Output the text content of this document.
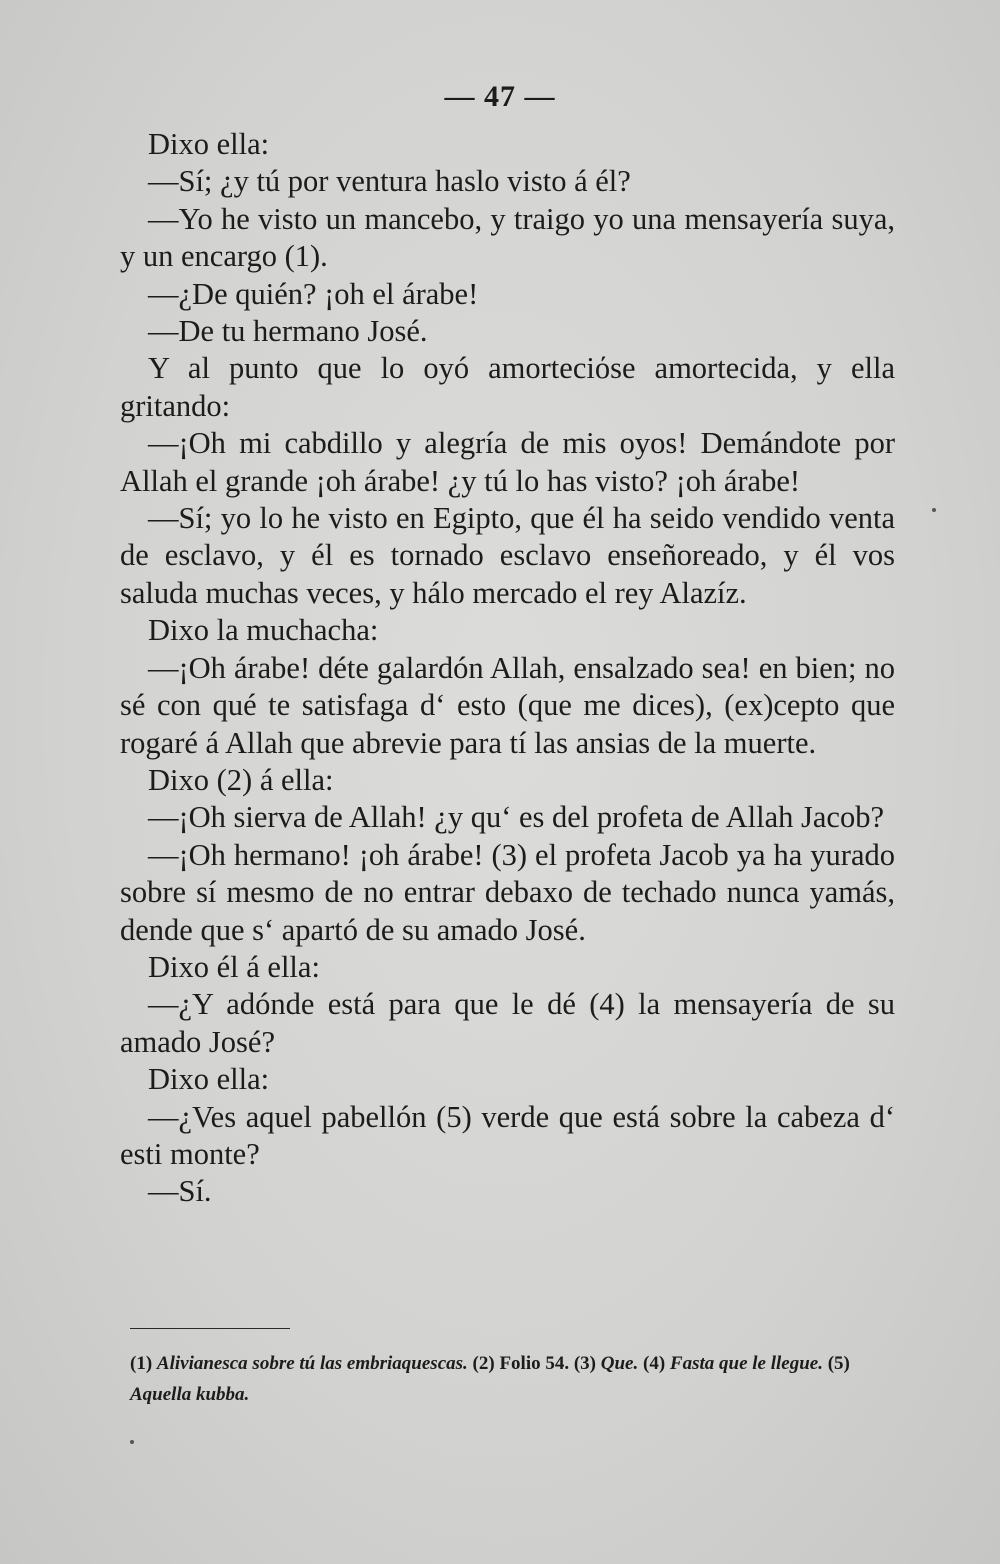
— 47 —

Dixo ella:

—Sí; ¿y tú por ventura haslo visto á él?

—Yo he visto un mancebo, y traigo yo una mensayería suya, y un encargo (1).

—¿De quién? ¡oh el árabe!

—De tu hermano José.

Y al punto que lo oyó amorteciόse amortecida, y ella gritando:

—¡Oh mi cabdillo y alegría de mis oyos! Demándote por Allah el grande ¡oh árabe! ¿y tú lo has visto? ¡oh árabe!

—Sí; yo lo he visto en Egipto, que él ha seido vendido venta de esclavo, y él es tornado esclavo enseñoreado, y él vos saluda muchas veces, y hálo mercado el rey Alazíz.

Dixo la muchacha:

—¡Oh árabe! déte galardón Allah, ensalzado sea! en bien; no sé con qué te satisfaga d‘ esto (que me dices), (ex)cepto que rogaré á Allah que abrevie para tí las ansias de la muerte.

Dixo (2) á ella:

—¡Oh sierva de Allah! ¿y qu‘ es del profeta de Allah Jacob?

—¡Oh hermano! ¡oh árabe! (3) el profeta Jacob ya ha yurado sobre sí mesmo de no entrar debaxo de techado nunca yamás, dende que s‘ apartó de su amado José.

Dixo él á ella:

—¿Y adónde está para que le dé (4) la mensayería de su amado José?

Dixo ella:

—¿Ves aquel pabellón (5) verde que está sobre la cabeza d‘ esti monte?

—Sí.

(1) Alivianesca sobre tú las embriaquescas. (2) Folio 54. (3) Que. (4) Fasta que le llegue. (5) Aquella kubba.
